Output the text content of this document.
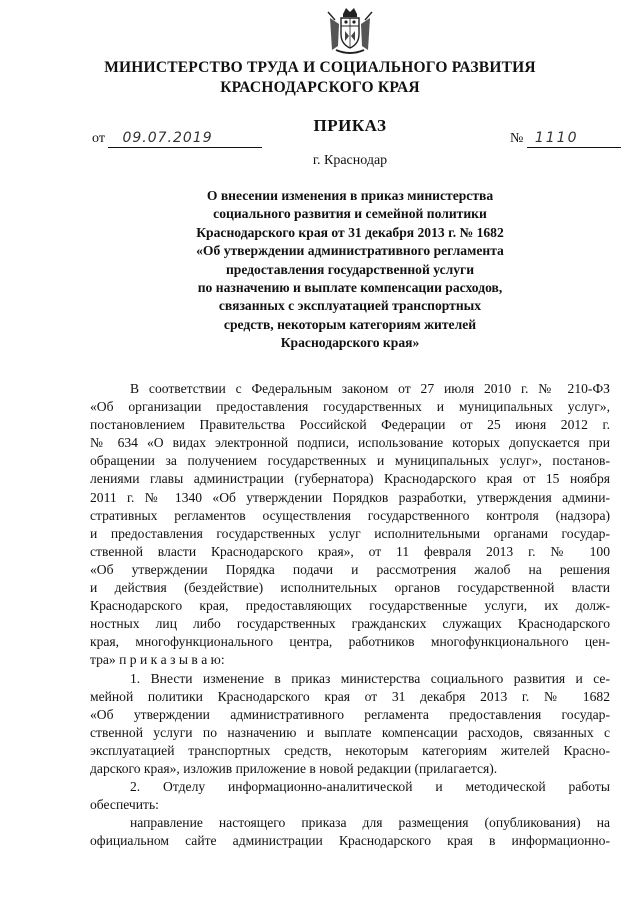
МИНИСТЕРСТВО ТРУДА И СОЦИАЛЬНОГО РАЗВИТИЯ
КРАСНОДАРСКОГО КРАЯ
ПРИКАЗ
от 09.07.2019	№ 1110
г. Краснодар
О внесении изменения в приказ министерства
социального развития и семейной политики
Краснодарского края от 31 декабря 2013 г. № 1682
«Об утверждении административного регламента
предоставления государственной услуги
по назначению и выплате компенсации расходов,
связанных с эксплуатацией транспортных
средств, некоторым категориям жителей
Краснодарского края»
В соответствии с Федеральным законом от 27 июля 2010 г. № 210-ФЗ
«Об организации предоставления государственных и муниципальных услуг»,
постановлением Правительства Российской Федерации от 25 июня 2012 г.
№ 634 «О видах электронной подписи, использование которых допускается при
обращении за получением государственных и муниципальных услуг», постанов-
лениями главы администрации (губернатора) Краснодарского края от 15 ноября
2011 г. № 1340 «Об утверждении Порядков разработки, утверждения админи-
стративных регламентов осуществления государственного контроля (надзора)
и предоставления государственных услуг исполнительными органами государ-
ственной власти Краснодарского края», от 11 февраля 2013 г. № 100
«Об утверждении Порядка подачи и рассмотрения жалоб на решения
и действия (бездействие) исполнительных органов государственной власти
Краснодарского края, предоставляющих государственные услуги, их долж-
ностных лиц либо государственных гражданских служащих Краснодарского
края, многофункционального центра, работников многофункционального цен-
тра» п р и к а з ы в а ю:
1. Внести изменение в приказ министерства социального развития и се-
мейной политики Краснодарского края от 31 декабря 2013 г. № 1682
«Об утверждении административного регламента предоставления государ-
ственной услуги по назначению и выплате компенсации расходов, связанных с
эксплуатацией транспортных средств, некоторым категориям жителей Красно-
дарского края», изложив приложение в новой редакции (прилагается).
2. Отделу информационно-аналитической и методической работы
обеспечить:
направление настоящего приказа для размещения (опубликования) на
официальном сайте администрации Краснодарского края в информационно-
